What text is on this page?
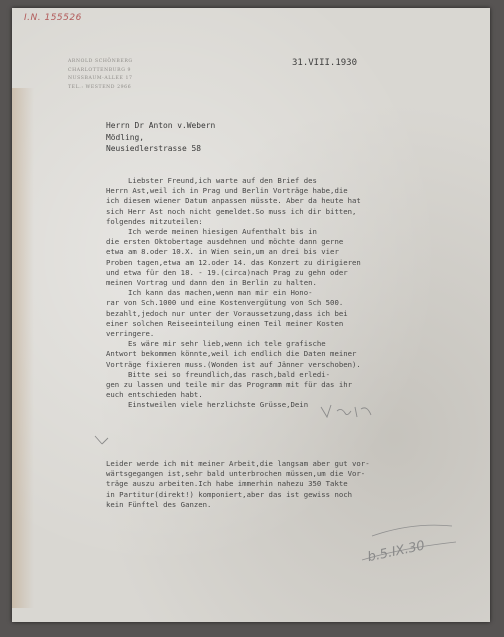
I.N. 155526
ARNOLD SCHÖNBERG
CHARLOTTENBURG 9
NUSSBAUM-ALLEE 17
TEL.: WESTEND 2966
31.VIII.1930
Herrn Dr Anton v.Webern
Mödling,
Neusiedlerstrasse 58
Liebster Freund,ich warte auf den Brief des
Herrn Ast,weil ich in Prag und Berlin Vorträge habe,die
ich diesem wiener Datum anpassen müsste. Aber da heute hat
sich Herr Ast noch nicht gemeldet.So muss ich dir bitten,
folgendes mitzuteilen:
Ich werde meinen hiesigen Aufenthalt bis in
die ersten Oktobertage ausdehnen und möchte dann gerne
etwa am 8.oder 10.X. in Wien sein,um an drei bis vier
Proben tagen,etwa am 12.oder 14. das Konzert zu dirigieren
und etwa für den 18. - 19.(circa)nach Prag zu gehn oder
meinen Vortrag und dann den in Berlin zu halten.
Ich kann das machen,wenn man mir ein Hono-
rar von Sch.1000 und eine Kostenvergütung von Sch 500.
bezahlt,jedoch nur unter der Voraussetzung,dass ich bei
einer solchen Reiseeinteilung einen Teil meiner Kosten
verringere.
Es wäre mir sehr lieb,wenn ich tele grafische
Antwort bekommen könnte,weil ich endlich die Daten meiner
Vorträge fixieren muss.(Wonden ist auf Jänner verschoben).
Bitte sei so freundlich,das rasch,bald erledi-
gen zu lassen und teile mir das Programm mit für das ihr
euch entschieden habt.
Einstweilen viele herzlichste Grüsse,Dein
Leider werde ich mit meiner Arbeit,die langsam aber gut vor-
wärtsgegangen ist,sehr bald unterbrochen müssen,um die Vor-
träge auszu arbeiten.Ich habe immerhin nahezu 350 Takte
in Partitur(direkt!) komponiert,aber das ist gewiss noch
kein Fünftel des Ganzen.
b.5.IX.30
